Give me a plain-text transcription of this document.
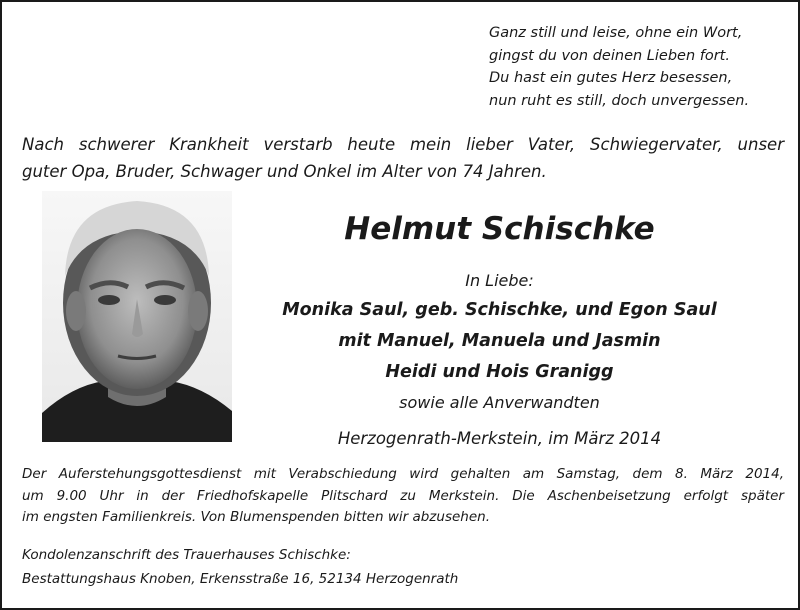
Ganz still und leise, ohne ein Wort,
gingst du von deinen Lieben fort.
Du hast ein gutes Herz besessen,
nun ruht es still, doch unvergessen.
Nach schwerer Krankheit verstarb heute mein lieber Vater, Schwiegervater, unser
guter Opa, Bruder, Schwager und Onkel im Alter von 74 Jahren.
Helmut Schischke
In Liebe:
Monika Saul, geb. Schischke, und Egon Saul
mit Manuel, Manuela und Jasmin
Heidi und Hois Granigg
sowie alle Anverwandten
Herzogenrath-Merkstein, im März 2014
Der Auferstehungsgottesdienst mit Verabschiedung wird gehalten am Samstag, dem 8. März 2014,
um 9.00 Uhr in der Friedhofskapelle Plitschard zu Merkstein. Die Aschenbeisetzung erfolgt später
im engsten Familienkreis. Von Blumenspenden bitten wir abzusehen.
Kondolenzanschrift des Trauerhauses Schischke:
Bestattungshaus Knoben, Erkensstraße 16, 52134 Herzogenrath
